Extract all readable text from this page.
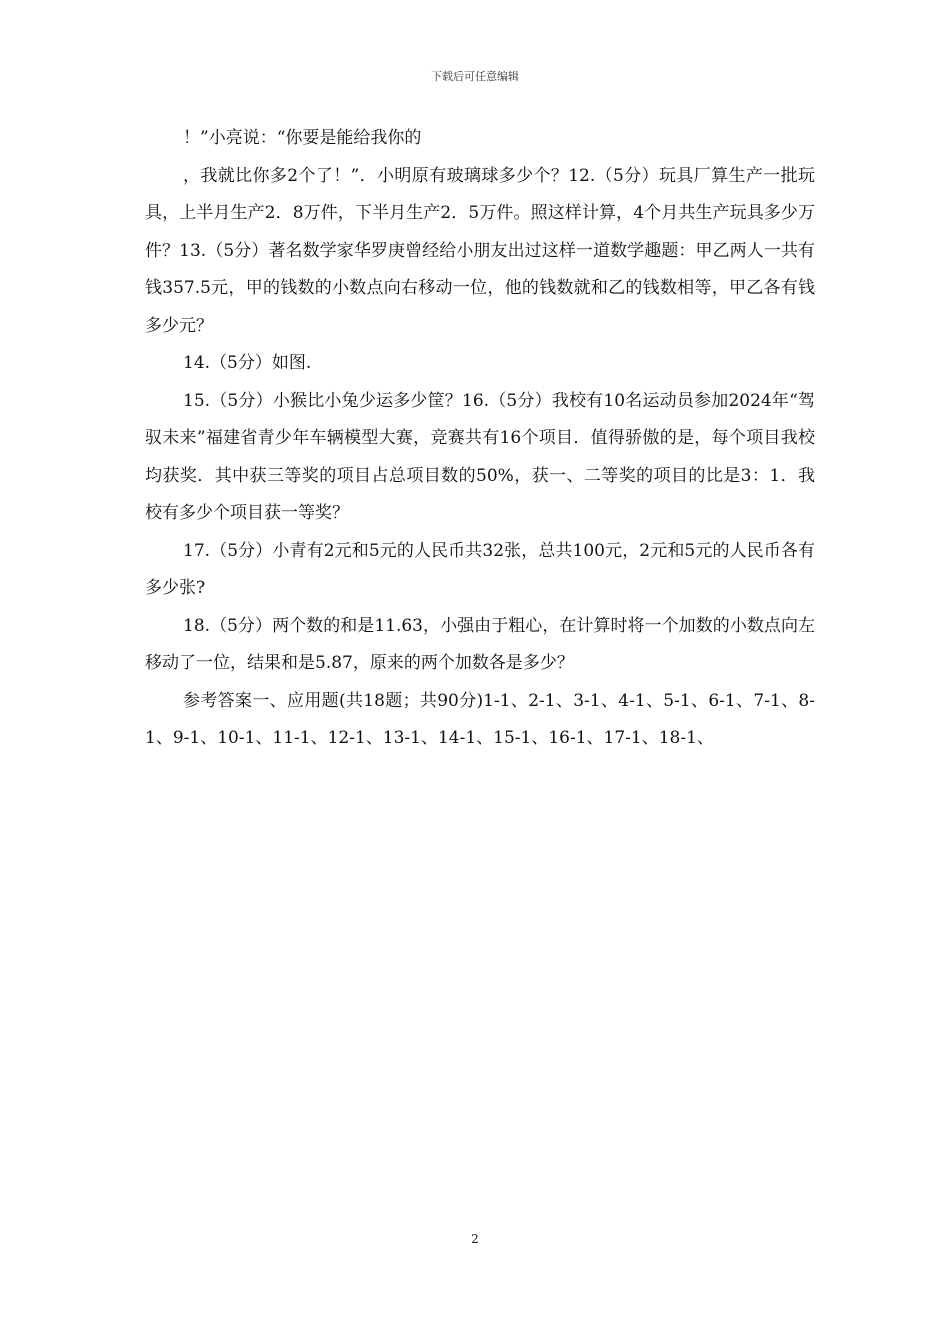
下载后可任意编辑

！”小亮说：“你要是能给我你的

，我就比你多2个了！”．小明原有玻璃球多少个？12.（5分）玩具厂算生产一批玩具，上半月生产2．8万件，下半月生产2．5万件。照这样计算，4个月共生产玩具多少万件？13.（5分）著名数学家华罗庚曾经给小朋友出过这样一道数学趣题：甲乙两人一共有钱357.5元，甲的钱数的小数点向右移动一位，他的钱数就和乙的钱数相等，甲乙各有钱多少元？

14.（5分）如图.

15.（5分）小猴比小兔少运多少筐？16.（5分）我校有10名运动员参加2024年“驾驭未来”福建省青少年车辆模型大赛，竞赛共有16个项目．值得骄傲的是，每个项目我校均获奖．其中获三等奖的项目占总项目数的50%，获一、二等奖的项目的比是3：1．我校有多少个项目获一等奖？

17.（5分）小青有2元和5元的人民币共32张，总共100元，2元和5元的人民币各有多少张?

18.（5分）两个数的和是11.63，小强由于粗心，在计算时将一个加数的小数点向左移动了一位，结果和是5.87，原来的两个加数各是多少？

参考答案一、应用题(共18题；共90分)1-1、2-1、3-1、4-1、5-1、6-1、7-1、8-1、9-1、10-1、11-1、12-1、13-1、14-1、15-1、16-1、17-1、18-1、

2
